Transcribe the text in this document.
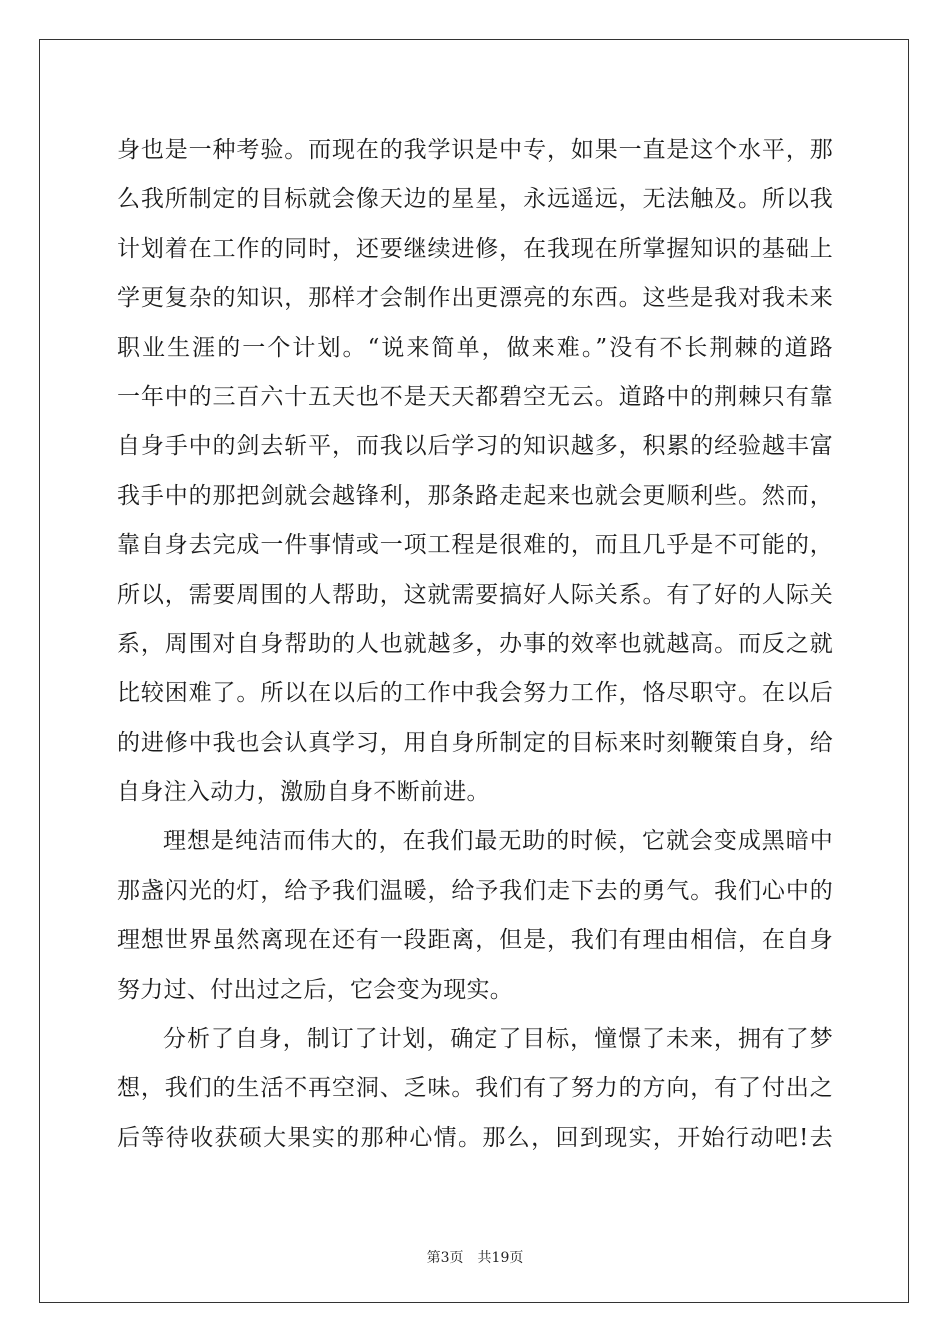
身也是一种考验。而现在的我学识是中专，如果一直是这个水平，那
么我所制定的目标就会像天边的星星，永远遥远，无法触及。所以我
计划着在工作的同时，还要继续进修，在我现在所掌握知识的基础上
学更复杂的知识，那样才会制作出更漂亮的东西。这些是我对我未来
职业生涯的一个计划。“说来简单，做来难。”没有不长荆棘的道路
一年中的三百六十五天也不是天天都碧空无云。道路中的荆棘只有靠
自身手中的剑去斩平，而我以后学习的知识越多，积累的经验越丰富
我手中的那把剑就会越锋利，那条路走起来也就会更顺利些。然而，
靠自身去完成一件事情或一项工程是很难的，而且几乎是不可能的，
所以，需要周围的人帮助，这就需要搞好人际关系。有了好的人际关
系，周围对自身帮助的人也就越多，办事的效率也就越高。而反之就
比较困难了。所以在以后的工作中我会努力工作，恪尽职守。在以后
的进修中我也会认真学习，用自身所制定的目标来时刻鞭策自身，给
自身注入动力，激励自身不断前进。
理想是纯洁而伟大的，在我们最无助的时候，它就会变成黑暗中
那盏闪光的灯，给予我们温暖，给予我们走下去的勇气。我们心中的
理想世界虽然离现在还有一段距离，但是，我们有理由相信，在自身
努力过、付出过之后，它会变为现实。
分析了自身，制订了计划，确定了目标，憧憬了未来，拥有了梦
想，我们的生活不再空洞、乏味。我们有了努力的方向，有了付出之
后等待收获硕大果实的那种心情。那么，回到现实，开始行动吧!去
第3页　共19页
